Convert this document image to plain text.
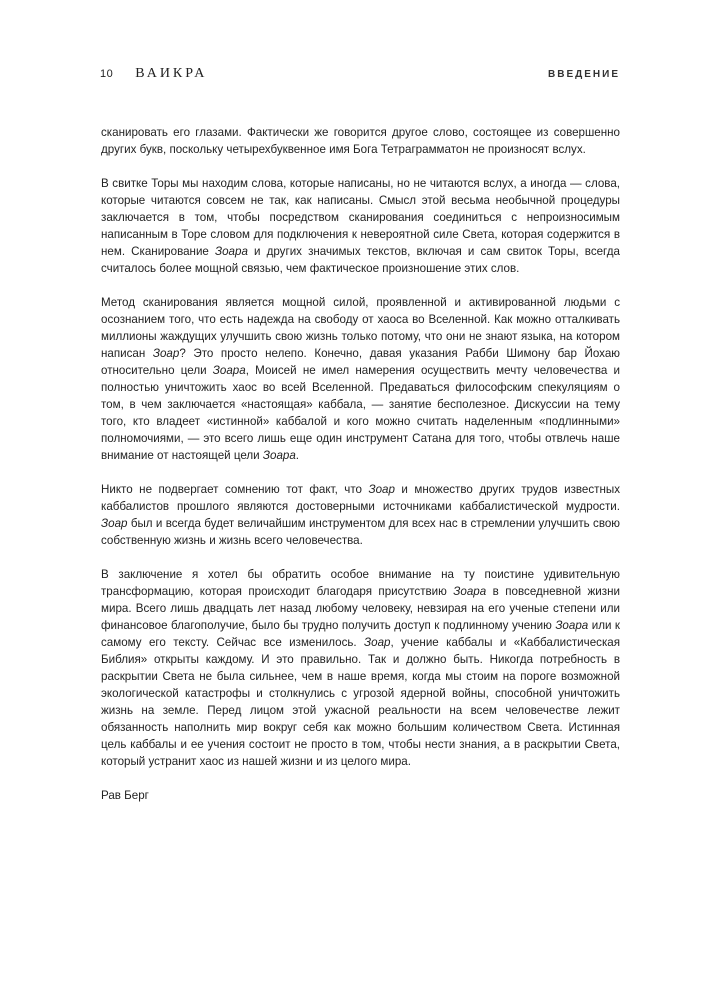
10 ВАИКРА	ВВЕДЕНИЕ

сканировать его глазами. Фактически же говорится другое слово, состоящее из совершенно других букв, поскольку четырехбуквенное имя Бога Тетраграмматон не произносят вслух.

В свитке Торы мы находим слова, которые написаны, но не читаются вслух, а иногда — слова, которые читаются совсем не так, как написаны. Смысл этой весьма необычной процедуры заключается в том, чтобы посредством сканирования соединиться с непроизносимым написанным в Торе словом для подключения к невероятной силе Света, которая содержится в нем. Сканирование Зоара и других значимых текстов, включая и сам свиток Торы, всегда считалось более мощной связью, чем фактическое произношение этих слов.

Метод сканирования является мощной силой, проявленной и активированной людьми с осознанием того, что есть надежда на свободу от хаоса во Вселенной. Как можно отталкивать миллионы жаждущих улучшить свою жизнь только потому, что они не знают языка, на котором написан Зоар? Это просто нелепо. Конечно, давая указания Рабби Шимону бар Йохаю относительно цели Зоара, Моисей не имел намерения осуществить мечту человечества и полностью уничтожить хаос во всей Вселенной. Предаваться философским спекуляциям о том, в чем заключается «настоящая» каббала, — занятие бесполезное. Дискуссии на тему того, кто владеет «истинной» каббалой и кого можно считать наделенным «подлинными» полномочиями, — это всего лишь еще один инструмент Сатана для того, чтобы отвлечь наше внимание от настоящей цели Зоара.

Никто не подвергает сомнению тот факт, что Зоар и множество других трудов известных каббалистов прошлого являются достоверными источниками каббалистической мудрости. Зоар был и всегда будет величайшим инструментом для всех нас в стремлении улучшить свою собственную жизнь и жизнь всего человечества.

В заключение я хотел бы обратить особое внимание на ту поистине удивительную трансформацию, которая происходит благодаря присутствию Зоара в повседневной жизни мира. Всего лишь двадцать лет назад любому человеку, невзирая на его ученые степени или финансовое благополучие, было бы трудно получить доступ к подлинному учению Зоара или к самому его тексту. Сейчас все изменилось. Зоар, учение каббалы и «Каббалистическая Библия» открыты каждому. И это правильно. Так и должно быть. Никогда потребность в раскрытии Света не была сильнее, чем в наше время, когда мы стоим на пороге возможной экологической катастрофы и столкнулись с угрозой ядерной войны, способной уничтожить жизнь на земле. Перед лицом этой ужасной реальности на всем человечестве лежит обязанность наполнить мир вокруг себя как можно большим количеством Света. Истинная цель каббалы и ее учения состоит не просто в том, чтобы нести знания, а в раскрытии Света, который устранит хаос из нашей жизни и из целого мира.

Рав Берг
